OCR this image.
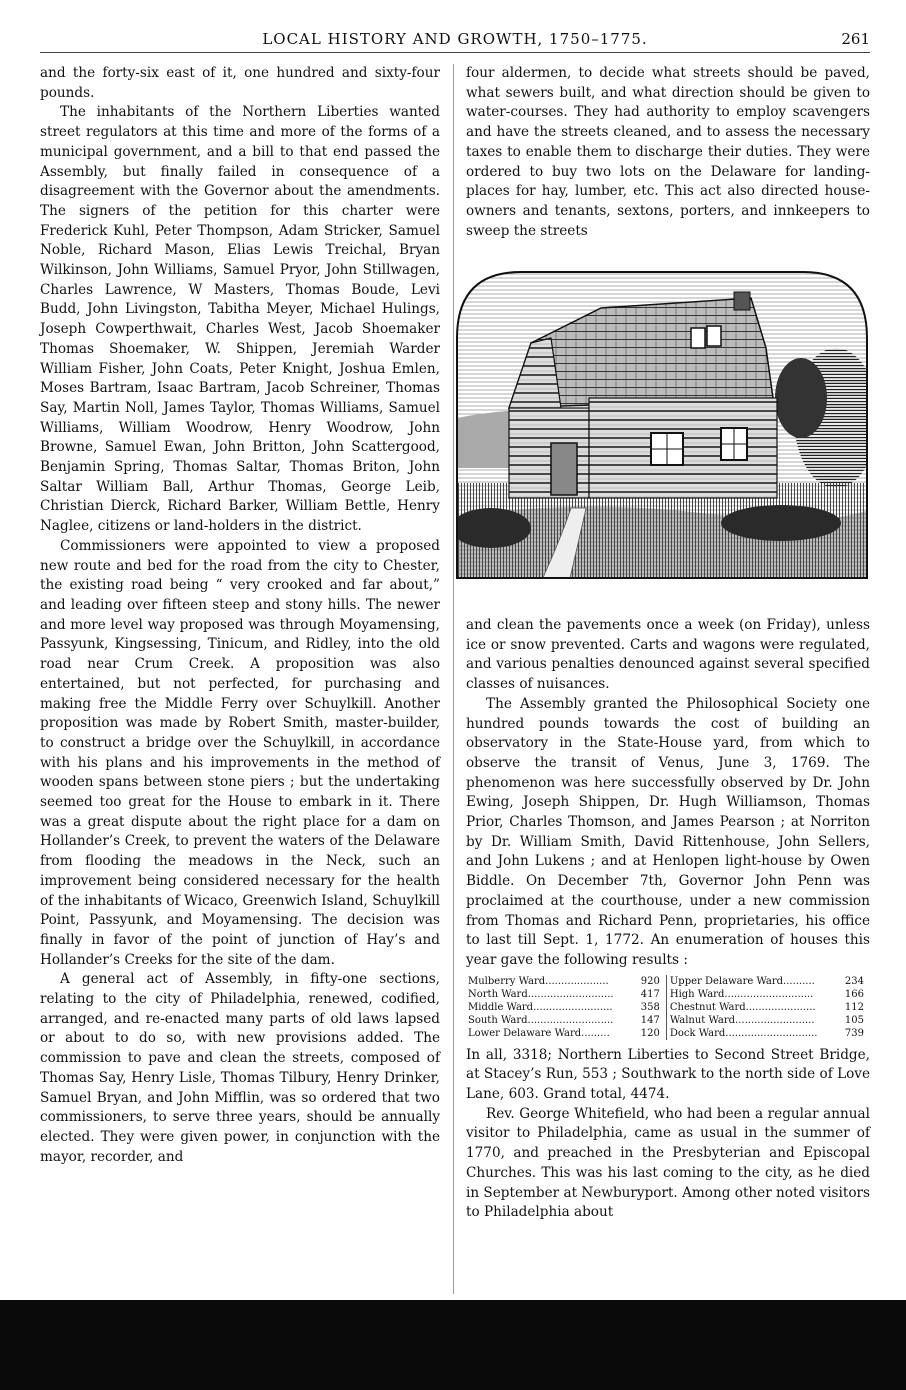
LOCAL HISTORY AND GROWTH, 1750–1775.	261

and the forty-six east of it, one hundred and sixty-four pounds.

The inhabitants of the Northern Liberties wanted street regulators at this time and more of the forms of a municipal government, and a bill to that end passed the Assembly, but finally failed in consequence of a disagreement with the Governor about the amendments. The signers of the petition for this charter were Frederick Kuhl, Peter Thompson, Adam Stricker, Samuel Noble, Richard Mason, Elias Lewis Treichal, Bryan Wilkinson, John Williams, Samuel Pryor, John Stillwagen, Charles Lawrence, W Masters, Thomas Boude, Levi Budd, John Livingston, Tabitha Meyer, Michael Hulings, Joseph Cowperthwait, Charles West, Jacob Shoemaker Thomas Shoemaker, W. Shippen, Jeremiah Warder William Fisher, John Coats, Peter Knight, Joshua Emlen, Moses Bartram, Isaac Bartram, Jacob Schreiner, Thomas Say, Martin Noll, James Taylor, Thomas Williams, Samuel Williams, William Woodrow, Henry Woodrow, John Browne, Samuel Ewan, John Britton, John Scattergood, Benjamin Spring, Thomas Saltar, Thomas Briton, John Saltar William Ball, Arthur Thomas, George Leib, Christian Dierck, Richard Barker, William Bettle, Henry Naglee, citizens or land-holders in the district.

Commissioners were appointed to view a proposed new route and bed for the road from the city to Chester, the existing road being “ very crooked and far about,” and leading over fifteen steep and stony hills. The newer and more level way proposed was through Moyamensing, Passyunk, Kingsessing, Tinicum, and Ridley, into the old road near Crum Creek. A proposition was also entertained, but not perfected, for purchasing and making free the Middle Ferry over Schuylkill. Another proposition was made by Robert Smith, master-builder, to construct a bridge over the Schuylkill, in accordance with his plans and his improvements in the method of wooden spans between stone piers ; but the undertaking seemed too great for the House to embark in it. There was a great dispute about the right place for a dam on Hollander’s Creek, to prevent the waters of the Delaware from flooding the meadows in the Neck, such an improvement being considered necessary for the health of the inhabitants of Wicaco, Greenwich Island, Schuylkill Point, Passyunk, and Moyamensing. The decision was finally in favor of the point of junction of Hay’s and Hollander’s Creeks for the site of the dam.

A general act of Assembly, in fifty-one sections, relating to the city of Philadelphia, renewed, codified, arranged, and re-enacted many parts of old laws lapsed or about to do so, with new provisions added. The commission to pave and clean the streets, composed of Thomas Say, Henry Lisle, Thomas Tilbury, Henry Drinker, Samuel Bryan, and John Mifflin, was so ordered that two commissioners, to serve three years, should be annually elected. They were given power, in conjunction with the mayor, recorder, and

four aldermen, to decide what streets should be paved, what sewers built, and what direction should be given to water-courses. They had authority to employ scavengers and have the streets cleaned, and to assess the necessary taxes to enable them to discharge their duties. They were ordered to buy two lots on the Delaware for landing-places for hay, lumber, etc. This act also directed house-owners and tenants, sextons, porters, and innkeepers to sweep the streets

and clean the pavements once a week (on Friday), unless ice or snow prevented. Carts and wagons were regulated, and various penalties denounced against several specified classes of nuisances.

The Assembly granted the Philosophical Society one hundred pounds towards the cost of building an observatory in the State-House yard, from which to observe the transit of Venus, June 3, 1769. The phenomenon was here successfully observed by Dr. John Ewing, Joseph Shippen, Dr. Hugh Williamson, Thomas Prior, Charles Thomson, and James Pearson ; at Norriton by Dr. William Smith, David Rittenhouse, John Sellers, and John Lukens ; and at Henlopen light-house by Owen Biddle. On December 7th, Governor John Penn was proclaimed at the courthouse, under a new commission from Thomas and Richard Penn, proprietaries, his office to last till Sept. 1, 1772. An enumeration of houses this year gave the following results :

Mulberry Ward....................	920		Upper Delaware Ward..........	234
North Ward...........................	417		High Ward............................	166
Middle Ward.........................	358		Chestnut Ward......................	112
South Ward...........................	147		Walnut Ward.........................	105
Lower Delaware Ward.........	120		Dock Ward.............................	739

In all, 3318; Northern Liberties to Second Street Bridge, at Stacey’s Run, 553 ; Southwark to the north side of Love Lane, 603. Grand total, 4474.

Rev. George Whitefield, who had been a regular annual visitor to Philadelphia, came as usual in the summer of 1770, and preached in the Presbyterian and Episcopal Churches. This was his last coming to the city, as he died in September at Newburyport. Among other noted visitors to Philadelphia about
